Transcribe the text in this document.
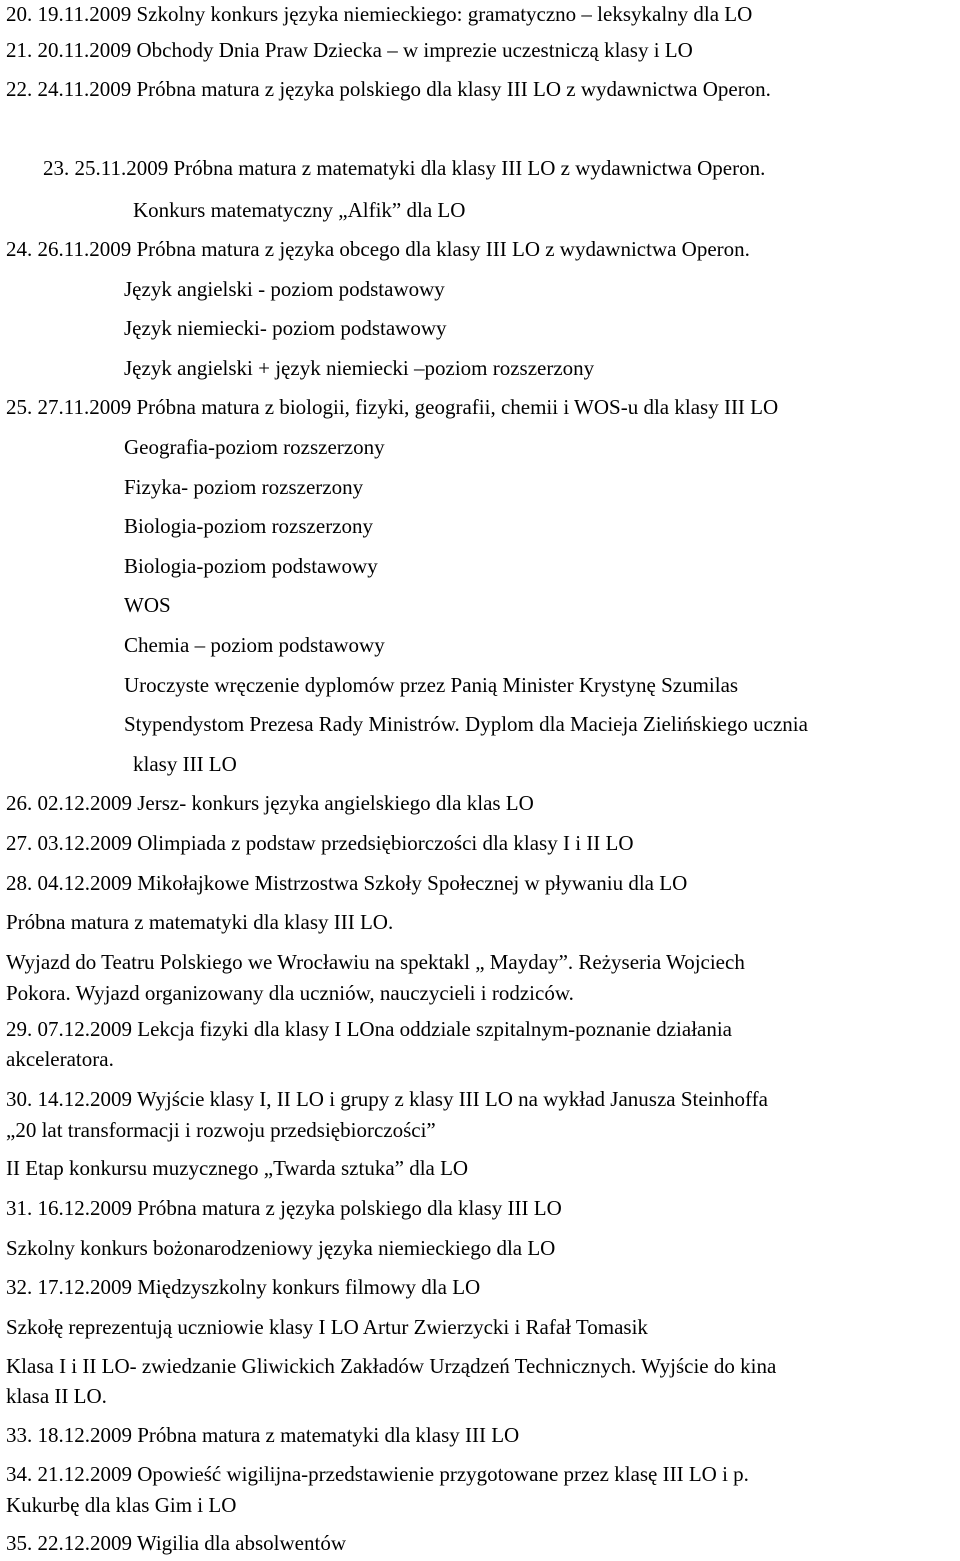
20. 19.11.2009 Szkolny konkurs języka niemieckiego: gramatyczno – leksykalny dla LO
21. 20.11.2009 Obchody Dnia Praw Dziecka – w imprezie uczestniczą klasy i LO
22. 24.11.2009 Próbna matura z języka polskiego dla klasy III LO z wydawnictwa Operon.
23. 25.11.2009 Próbna matura z matematyki dla klasy III LO z wydawnictwa Operon.
Konkurs matematyczny „Alfik” dla LO
24. 26.11.2009 Próbna matura z języka obcego dla klasy III LO z wydawnictwa Operon.
Język angielski - poziom podstawowy
Język niemiecki- poziom podstawowy
Język angielski + język niemiecki –poziom rozszerzony
25. 27.11.2009 Próbna matura z biologii, fizyki, geografii, chemii i WOS-u dla klasy III LO
Geografia-poziom rozszerzony
Fizyka- poziom rozszerzony
Biologia-poziom rozszerzony
Biologia-poziom podstawowy
WOS
Chemia – poziom podstawowy
Uroczyste wręczenie dyplomów przez Panią Minister Krystynę Szumilas
Stypendystom Prezesa Rady Ministrów. Dyplom dla Macieja Zielińskiego ucznia
klasy III LO
26. 02.12.2009 Jersz- konkurs języka angielskiego dla klas LO
27. 03.12.2009 Olimpiada z podstaw przedsiębiorczości dla klasy I i II LO
28. 04.12.2009 Mikołajkowe Mistrzostwa Szkoły Społecznej w pływaniu dla LO
Próbna matura z matematyki dla klasy III LO.
Wyjazd do Teatru Polskiego we Wrocławiu na spektakl „ Mayday”. Reżyseria Wojciech
Pokora. Wyjazd organizowany dla uczniów, nauczycieli i rodziców.
29. 07.12.2009 Lekcja fizyki dla klasy I LOna oddziale szpitalnym-poznanie działania
akceleratora.
30. 14.12.2009 Wyjście klasy I, II LO i grupy z klasy III LO na wykład Janusza Steinhoffa
„20 lat transformacji i rozwoju przedsiębiorczości”
II Etap konkursu muzycznego „Twarda sztuka” dla LO
31. 16.12.2009 Próbna matura z języka polskiego dla klasy III LO
Szkolny konkurs bożonarodzeniowy języka niemieckiego dla LO
32. 17.12.2009 Międzyszkolny konkurs filmowy dla LO
Szkołę reprezentują uczniowie klasy I LO Artur Zwierzycki i Rafał Tomasik
Klasa I i II LO- zwiedzanie Gliwickich Zakładów Urządzeń Technicznych. Wyjście do kina
klasa II LO.
33. 18.12.2009 Próbna matura z matematyki dla klasy III LO
34. 21.12.2009 Opowieść wigilijna-przedstawienie przygotowane przez klasę III LO i p.
Kukurbę dla klas Gim i LO
35. 22.12.2009 Wigilia dla absolwentów
